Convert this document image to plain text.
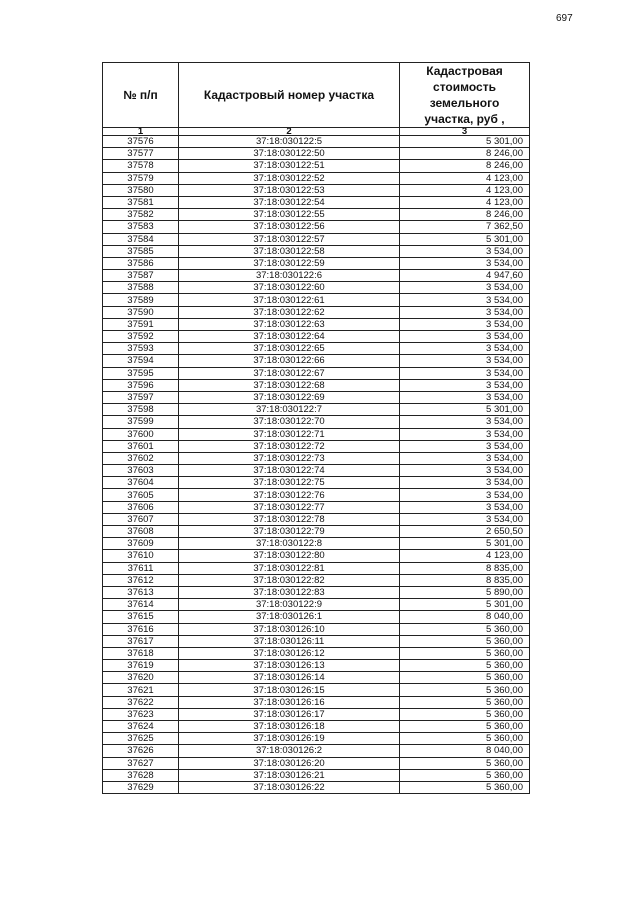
697
№ п/п	Кадастровый номер участка	Кадастровая стоимость земельного участка, руб ,
1	2	3
37576	37:18:030122:5	5 301,00
37577	37:18:030122:50	8 246,00
37578	37:18:030122:51	8 246,00
37579	37:18:030122:52	4 123,00
37580	37:18:030122:53	4 123,00
37581	37:18:030122:54	4 123,00
37582	37:18:030122:55	8 246,00
37583	37:18:030122:56	7 362,50
37584	37:18:030122:57	5 301,00
37585	37:18:030122:58	3 534,00
37586	37:18:030122:59	3 534,00
37587	37:18:030122:6	4 947,60
37588	37:18:030122:60	3 534,00
37589	37:18:030122:61	3 534,00
37590	37:18:030122:62	3 534,00
37591	37:18:030122:63	3 534,00
37592	37:18:030122:64	3 534,00
37593	37:18:030122:65	3 534,00
37594	37:18:030122:66	3 534,00
37595	37:18:030122:67	3 534,00
37596	37:18:030122:68	3 534,00
37597	37:18:030122:69	3 534,00
37598	37:18:030122:7	5 301,00
37599	37:18:030122:70	3 534,00
37600	37:18:030122:71	3 534,00
37601	37:18:030122:72	3 534,00
37602	37:18:030122:73	3 534,00
37603	37:18:030122:74	3 534,00
37604	37:18:030122:75	3 534,00
37605	37:18:030122:76	3 534,00
37606	37:18:030122:77	3 534,00
37607	37:18:030122:78	3 534,00
37608	37:18:030122:79	2 650,50
37609	37:18:030122:8	5 301,00
37610	37:18:030122:80	4 123,00
37611	37:18:030122:81	8 835,00
37612	37:18:030122:82	8 835,00
37613	37:18:030122:83	5 890,00
37614	37:18:030122:9	5 301,00
37615	37:18:030126:1	8 040,00
37616	37:18:030126:10	5 360,00
37617	37:18:030126:11	5 360,00
37618	37:18:030126:12	5 360,00
37619	37:18:030126:13	5 360,00
37620	37:18:030126:14	5 360,00
37621	37:18:030126:15	5 360,00
37622	37:18:030126:16	5 360,00
37623	37:18:030126:17	5 360,00
37624	37:18:030126:18	5 360,00
37625	37:18:030126:19	5 360,00
37626	37:18:030126:2	8 040,00
37627	37:18:030126:20	5 360,00
37628	37:18:030126:21	5 360,00
37629	37:18:030126:22	5 360,00
